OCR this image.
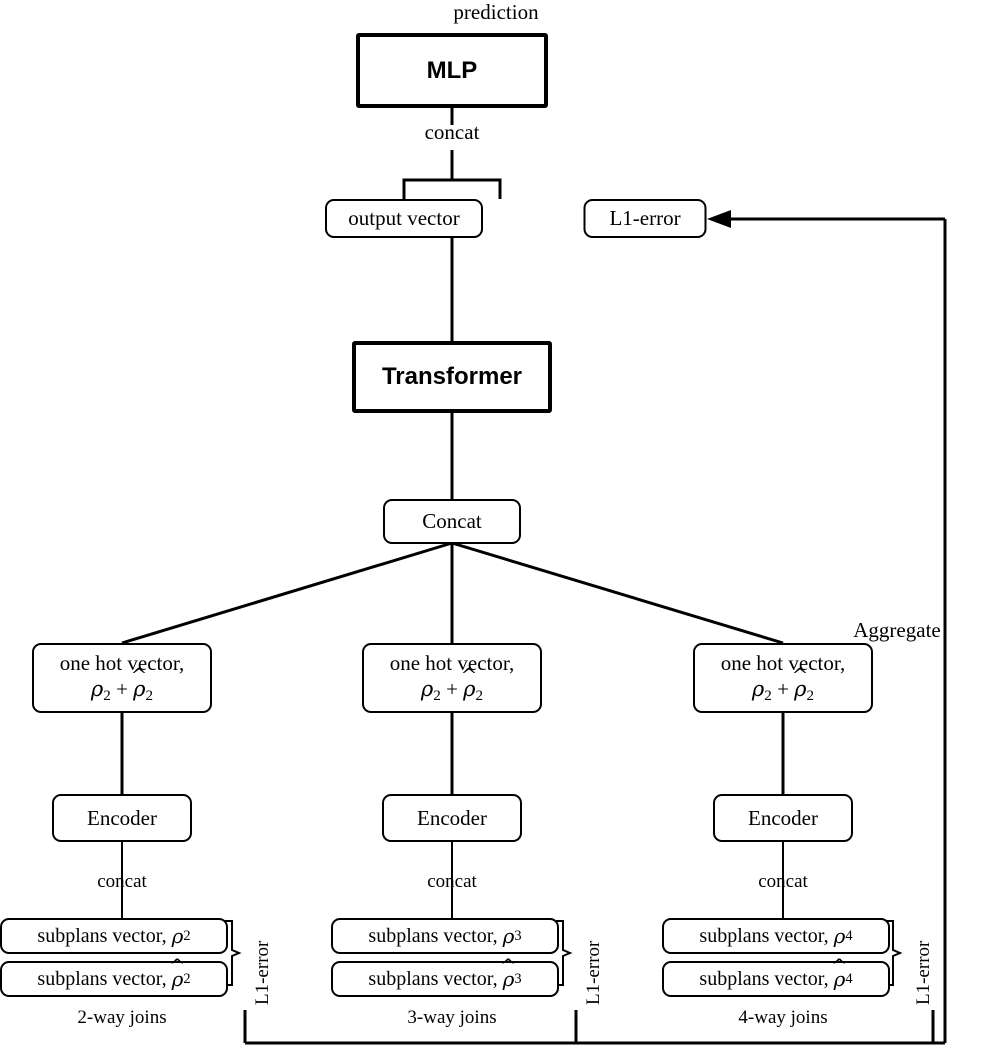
prediction
MLP
concat
output vector	L1-error
Transformer
Concat
one hot vector,
$\rho_2$ + ^ $\rho_2$
Encoder
concat
subplans vector,
ρ 2
subplans vector,
^ ρ 2	L1-error
2-way joins
one hot vector,
$\rho_2$ + ^ $\rho_2$
Encoder
concat
subplans vector,
ρ 3
subplans vector,
^ ρ 3	L1-error
3-way joins
one hot vector,
$\rho_2$ + ^ $\rho_2$
Encoder
concat
subplans vector,
ρ 4
subplans vector,
^ ρ 4	L1-error
4-way joins
Aggregate
